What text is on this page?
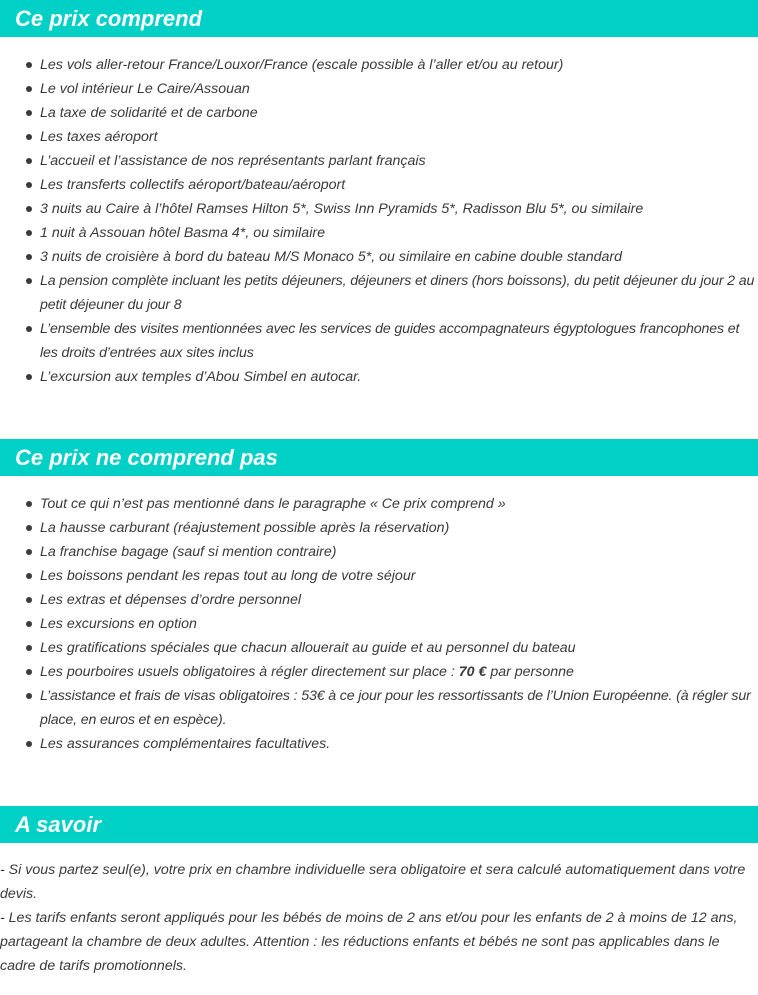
Ce prix comprend
Les vols aller-retour France/Louxor/France (escale possible à l’aller et/ou au retour)
Le vol intérieur Le Caire/Assouan
La taxe de solidarité et de carbone
Les taxes aéroport
L’accueil et l’assistance de nos représentants parlant français
Les transferts collectifs aéroport/bateau/aéroport
3 nuits au Caire à l’hôtel Ramses Hilton 5*, Swiss Inn Pyramids 5*, Radisson Blu 5*, ou similaire
1 nuit à Assouan hôtel Basma 4*, ou similaire
3 nuits de croisière à bord du bateau M/S Monaco 5*, ou similaire en cabine double standard
La pension complète incluant les petits déjeuners, déjeuners et diners (hors boissons), du petit déjeuner du jour 2 au petit déjeuner du jour 8
L’ensemble des visites mentionnées avec les services de guides accompagnateurs égyptologues francophones et les droits d’entrées aux sites inclus
L’excursion aux temples d’Abou Simbel en autocar.
Ce prix ne comprend pas
Tout ce qui n’est pas mentionné dans le paragraphe « Ce prix comprend »
La hausse carburant (réajustement possible après la réservation)
La franchise bagage (sauf si mention contraire)
Les boissons pendant les repas tout au long de votre séjour
Les extras et dépenses d’ordre personnel
Les excursions en option
Les gratifications spéciales que chacun allouerait au guide et au personnel du bateau
Les pourboires usuels obligatoires à régler directement sur place : 70 € par personne
L’assistance et frais de visas obligatoires : 53€ à ce jour pour les ressortissants de l’Union Européenne. (à régler sur place, en euros et en espèce).
Les assurances complémentaires facultatives.
A savoir

- Si vous partez seul(e), votre prix en chambre individuelle sera obligatoire et sera calculé automatiquement dans votre devis.

- Les tarifs enfants seront appliqués pour les bébés de moins de 2 ans et/ou pour les enfants de 2 à moins de 12 ans, partageant la chambre de deux adultes. Attention : les réductions enfants et bébés ne sont pas applicables dans le cadre de tarifs promotionnels.
